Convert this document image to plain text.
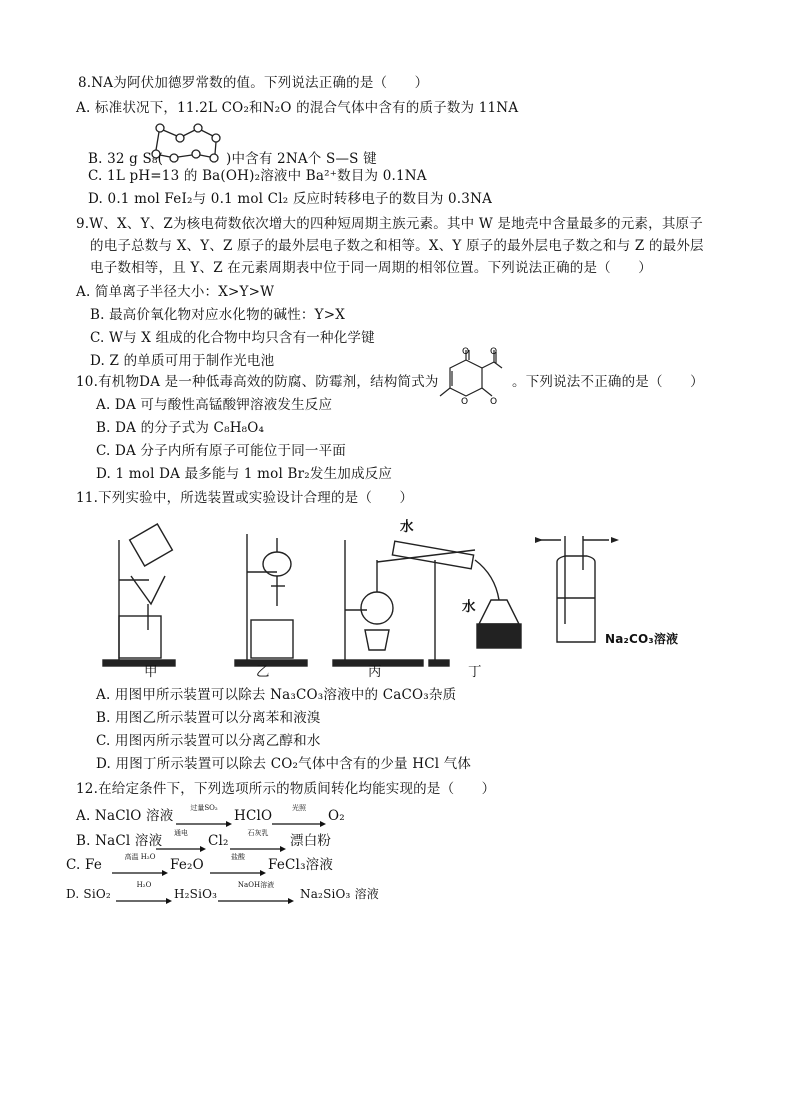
8.NA为阿伏加德罗常数的值。下列说法正确的是（　　）
A. 标准状况下，11.2L CO₂和N₂O 的混合气体中含有的质子数为 11NA
B. 32 g S₈(	)中含有 2NA个 S—S 键
C. 1L pH=13 的 Ba(OH)₂溶液中 Ba²⁺数目为 0.1NA
D. 0.1 mol FeI₂与 0.1 mol Cl₂ 反应时转移电子的数目为 0.3NA
9.W、X、Y、Z为核电荷数依次增大的四种短周期主族元素。其中 W 是地壳中含量最多的元素，其原子
的电子总数与 X、Y、Z 原子的最外层电子数之和相等。X、Y 原子的最外层电子数之和与 Z 的最外层
电子数相等，且 Y、Z 在元素周期表中位于同一周期的相邻位置。下列说法正确的是（　　）
A. 简单离子半径大小：X>Y>W
B. 最高价氧化物对应水化物的碱性：Y>X
C. W与 X 组成的化合物中均只含有一种化学键
D. Z 的单质可用于制作光电池
10.有机物DA 是一种低毒高效的防腐、防霉剂，结构简式为
O O
O O
。下列说法不正确的是（　　）
A. DA 可与酸性高锰酸钾溶液发生反应
B. DA 的分子式为 C₈H₈O₄
C. DA 分子内所有原子可能位于同一平面
D. 1 mol DA 最多能与 1 mol Br₂发生加成反应
11.下列实验中，所选装置或实验设计合理的是（　　）
水
水
Na₂CO₃溶液
甲	乙	丙	丁
A. 用图甲所示装置可以除去 Na₃CO₃溶液中的 CaCO₃杂质
B. 用图乙所示装置可以分离苯和液溴
C. 用图丙所示装置可以分离乙醇和水
D. 用图丁所示装置可以除去 CO₂气体中含有的少量 HCl 气体
12.在给定条件下，下列选项所示的物质间转化均能实现的是（　　）
A. NaClO 溶液	过量SO₂	HClO	光照	O₂
B. NaCl 溶液	通电	Cl₂	石灰乳	漂白粉
C. Fe	高温 H₂O	Fe₂O	盐酸	FeCl₃溶液
D. SiO₂
H₂O
H₂SiO₃
NaOH溶液
Na₂SiO₃ 溶液
